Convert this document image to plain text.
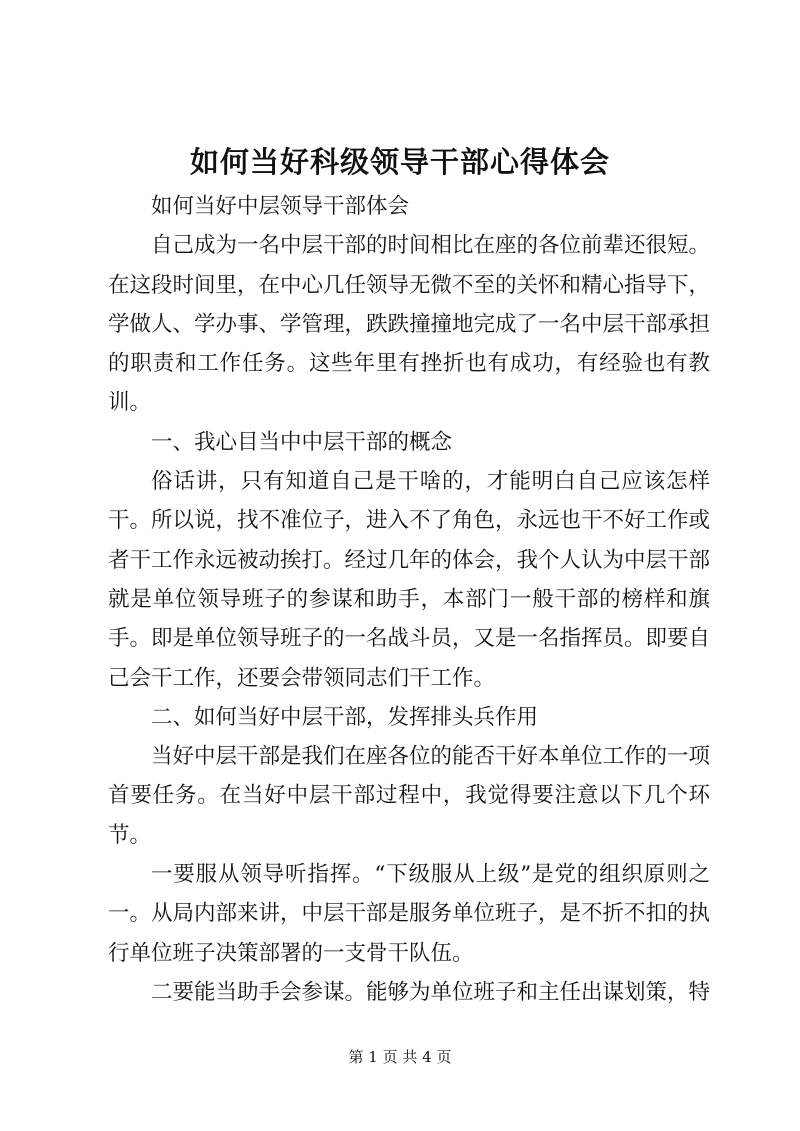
如何当好科级领导干部心得体会

如何当好中层领导干部体会

自己成为一名中层干部的时间相比在座的各位前辈还很短。在这段时间里，在中心几任领导无微不至的关怀和精心指导下，学做人、学办事、学管理，跌跌撞撞地完成了一名中层干部承担的职责和工作任务。这些年里有挫折也有成功，有经验也有教训。

一、我心目当中中层干部的概念

俗话讲，只有知道自己是干啥的，才能明白自己应该怎样干。所以说，找不准位子，进入不了角色，永远也干不好工作或者干工作永远被动挨打。经过几年的体会，我个人认为中层干部就是单位领导班子的参谋和助手，本部门一般干部的榜样和旗手。即是单位领导班子的一名战斗员，又是一名指挥员。即要自己会干工作，还要会带领同志们干工作。

二、如何当好中层干部，发挥排头兵作用

当好中层干部是我们在座各位的能否干好本单位工作的一项首要任务。在当好中层干部过程中，我觉得要注意以下几个环节。

一要服从领导听指挥。“下级服从上级”是党的组织原则之一。从局内部来讲，中层干部是服务单位班子，是不折不扣的执行单位班子决策部署的一支骨干队伍。

二要能当助手会参谋。能够为单位班子和主任出谋划策，特

第 1 页 共 4 页
